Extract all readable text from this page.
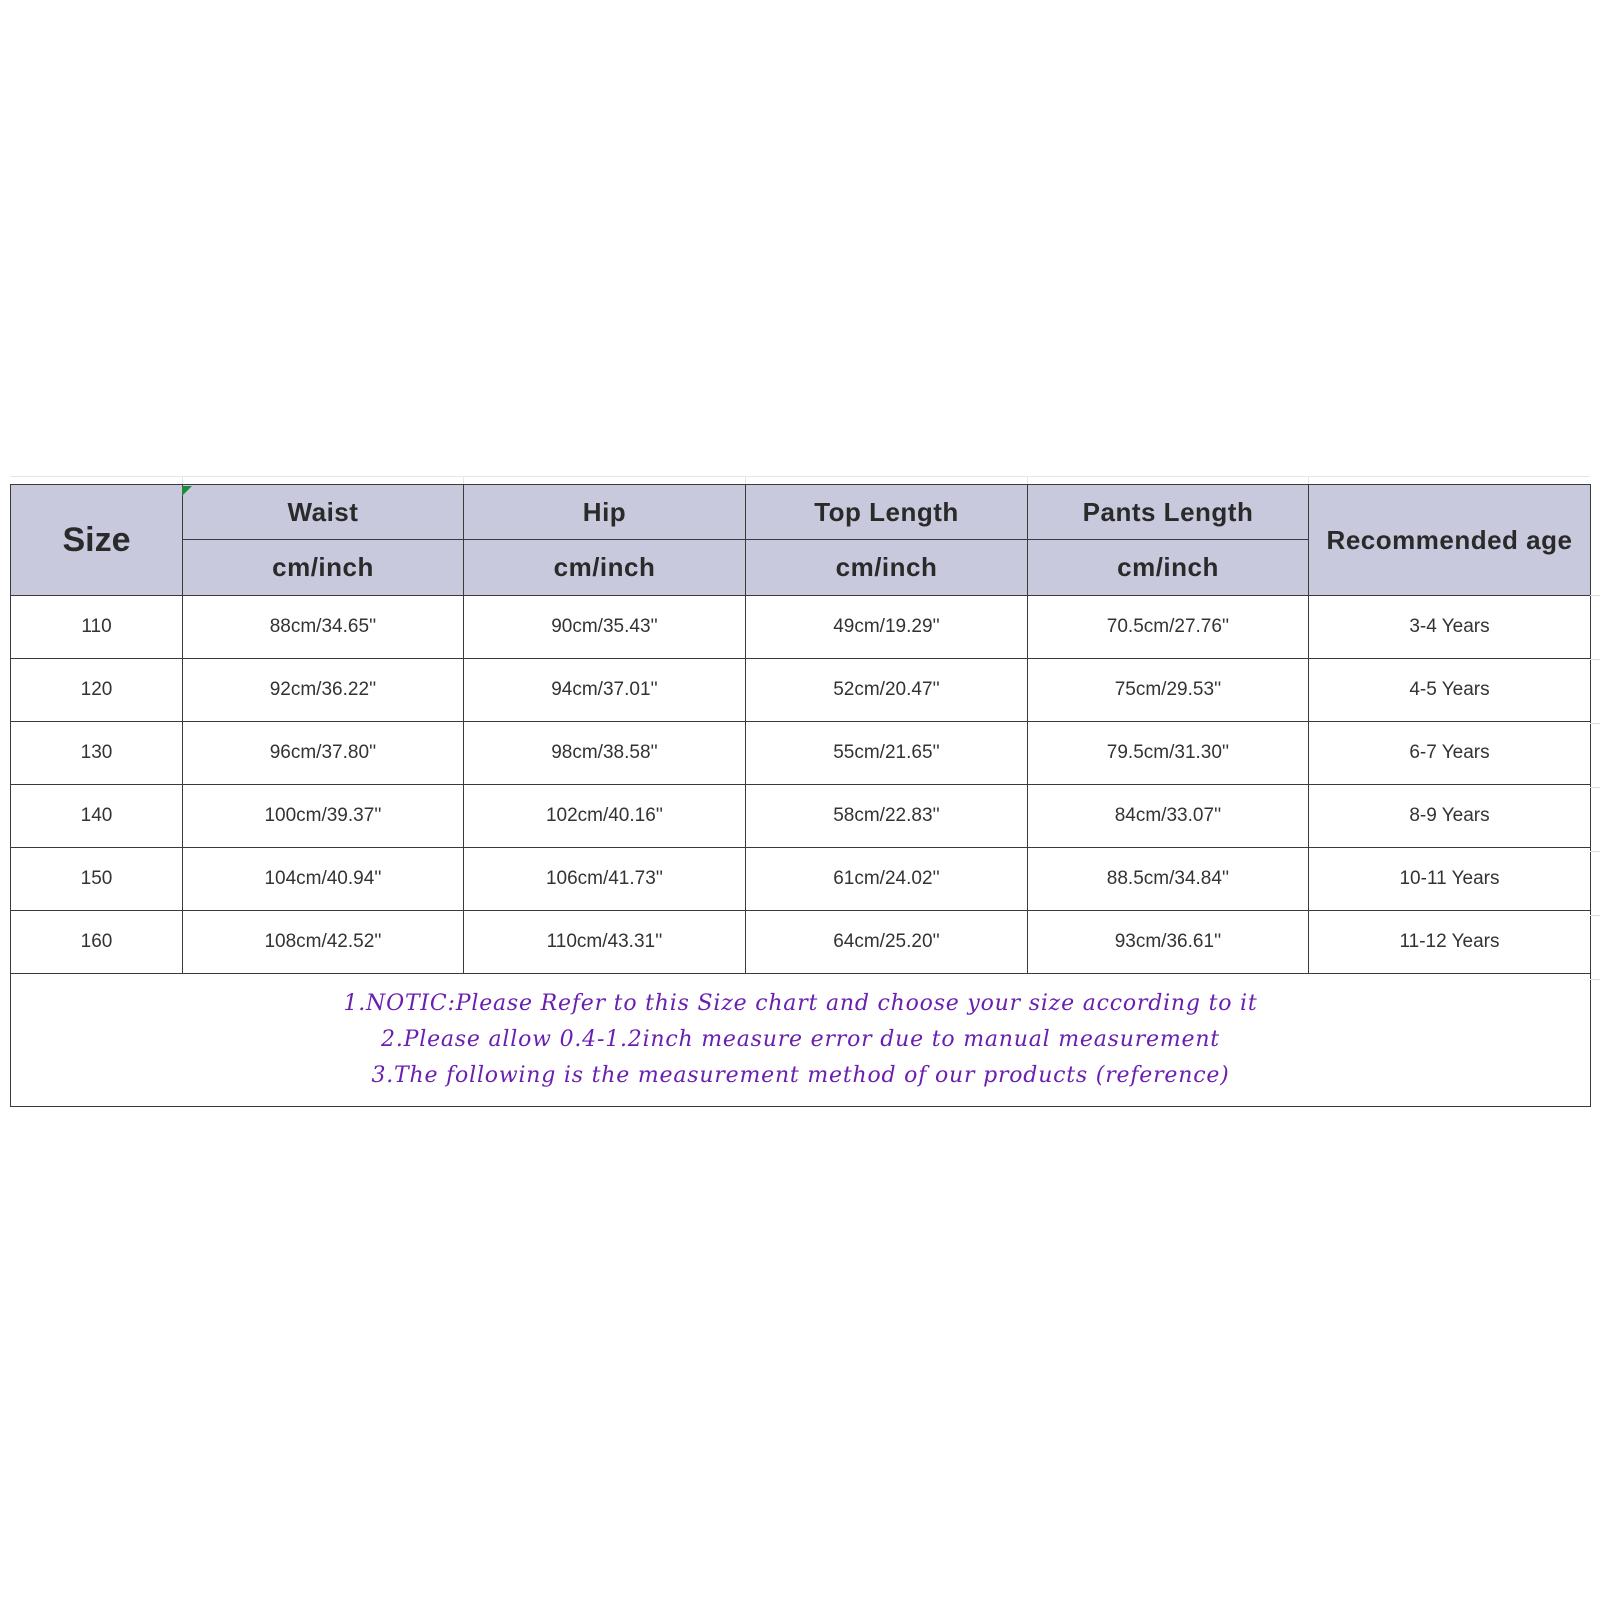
Size	Waist	Hip	Top Length	Pants Length	Recommended age
	cm/inch	cm/inch	cm/inch	cm/inch	
110	88cm/34.65''	90cm/35.43''	49cm/19.29''	70.5cm/27.76''	3-4 Years
120	92cm/36.22''	94cm/37.01''	52cm/20.47''	75cm/29.53''	4-5 Years
130	96cm/37.80''	98cm/38.58''	55cm/21.65''	79.5cm/31.30''	6-7 Years
140	100cm/39.37''	102cm/40.16''	58cm/22.83''	84cm/33.07''	8-9 Years
150	104cm/40.94''	106cm/41.73''	61cm/24.02''	88.5cm/34.84''	10-11 Years
160	108cm/42.52''	110cm/43.31''	64cm/25.20''	93cm/36.61''	11-12 Years

1.NOTIC:Please Refer to this Size chart and choose your size according to it
2.Please allow 0.4-1.2inch measure error due to manual measurement
3.The following is the measurement method of our products (reference)					
